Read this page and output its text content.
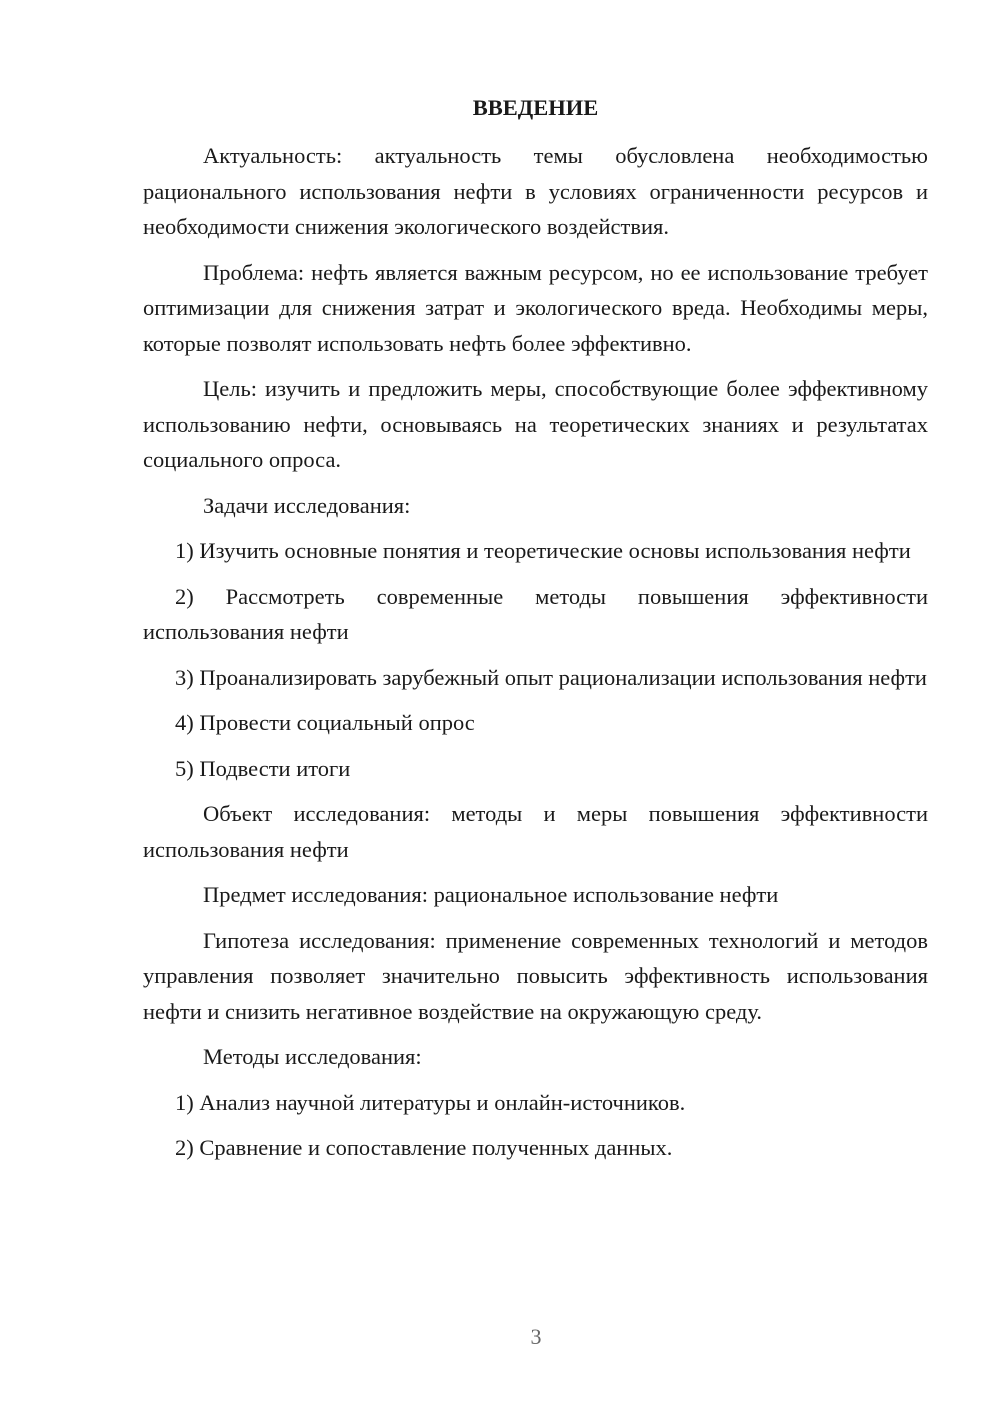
ВВЕДЕНИЕ

Актуальность: актуальность темы обусловлена необходимостью рационального использования нефти в условиях ограниченности ресурсов и необходимости снижения экологического воздействия.

Проблема: нефть является важным ресурсом, но ее использование требует оптимизации для снижения затрат и экологического вреда. Необходимы меры, которые позволят использовать нефть более эффективно.

Цель: изучить и предложить меры, способствующие более эффективному использованию нефти, основываясь на теоретических знаниях и результатах социального опроса.

Задачи исследования:

1) Изучить основные понятия и теоретические основы использования нефти

2) Рассмотреть современные методы повышения эффективности использования нефти

3) Проанализировать зарубежный опыт рационализации использования нефти

4) Провести социальный опрос

5) Подвести итоги

Объект исследования: методы и меры повышения эффективности использования нефти

Предмет исследования: рациональное использование нефти

Гипотеза исследования: применение современных технологий и методов управления позволяет значительно повысить эффективность использования нефти и снизить негативное воздействие на окружающую среду.

Методы исследования:

1) Анализ научной литературы и онлайн-источников.

2) Сравнение и сопоставление полученных данных.

3
